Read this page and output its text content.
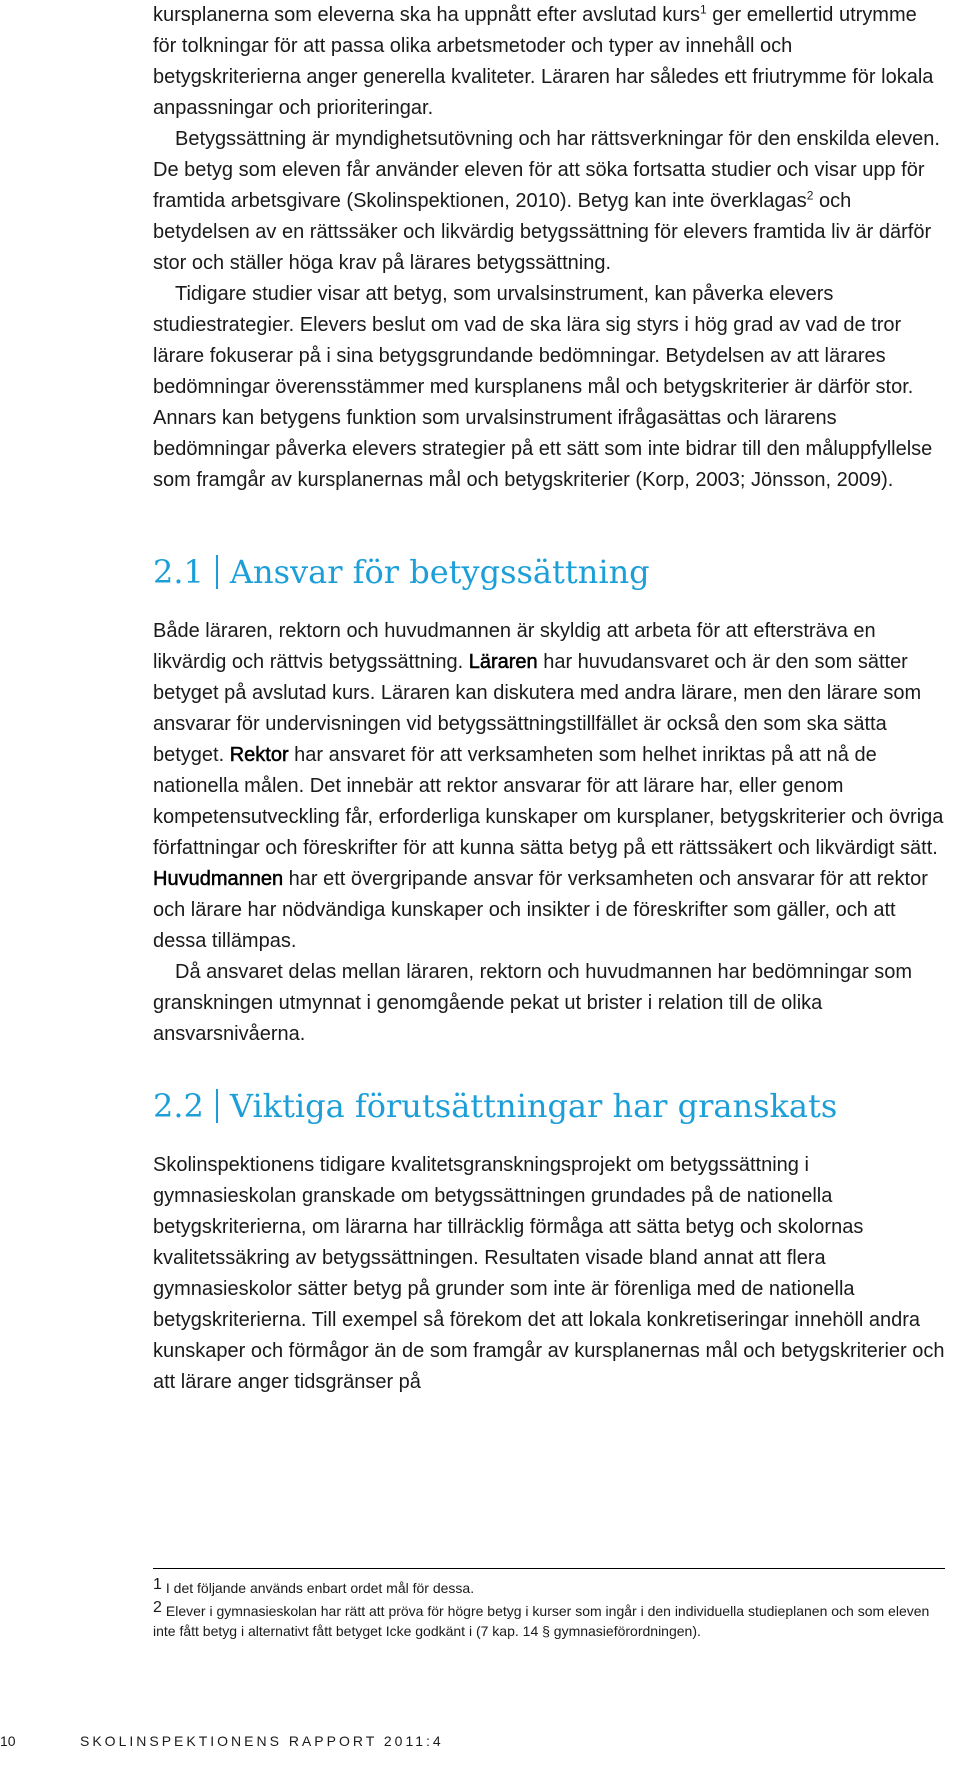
kursplanerna som eleverna ska ha uppnått efter avslutad kurs$^1$ ger emellertid utrymme för tolkningar för att passa olika arbetsmetoder och typer av innehåll och betygskriterierna anger generella kvaliteter. Läraren har således ett friutrymme för lokala anpassningar och prioriteringar.

Betygssättning är myndighetsutövning och har rättsverkningar för den enskilda eleven. De betyg som eleven får använder eleven för att söka fortsatta studier och visar upp för framtida arbetsgivare (Skolinspektionen, 2010). Betyg kan inte överklagas$^2$ och betydelsen av en rättssäker och likvärdig betygssättning för elevers framtida liv är därför stor och ställer höga krav på lärares betygssättning.

Tidigare studier visar att betyg, som urvalsinstrument, kan påverka elevers studiestrategier. Elevers beslut om vad de ska lära sig styrs i hög grad av vad de tror lärare fokuserar på i sina betygsgrundande bedömningar. Betydelsen av att lärares bedömningar överensstämmer med kursplanens mål och betygskriterier är därför stor. Annars kan betygens funktion som urvalsinstrument ifrågasättas och lärarens bedömningar påverka elevers strategier på ett sätt som inte bidrar till den måluppfyllelse som framgår av kursplanernas mål och betygskriterier (Korp, 2003; Jönsson, 2009).

2.1 Ansvar för betygssättning

Både läraren, rektorn och huvudmannen är skyldig att arbeta för att eftersträva en likvärdig och rättvis betygssättning. Läraren har huvudansvaret och är den som sätter betyget på avslutad kurs. Läraren kan diskutera med andra lärare, men den lärare som ansvarar för undervisningen vid betygssättningstillfället är också den som ska sätta betyget. Rektor har ansvaret för att verksamheten som helhet inriktas på att nå de nationella målen. Det innebär att rektor ansvarar för att lärare har, eller genom kompetensutveckling får, erforderliga kunskaper om kursplaner, betygskriterier och övriga författningar och föreskrifter för att kunna sätta betyg på ett rättssäkert och likvärdigt sätt. Huvudmannen har ett övergripande ansvar för verksamheten och ansvarar för att rektor och lärare har nödvändiga kunskaper och insikter i de föreskrifter som gäller, och att dessa tillämpas.

Då ansvaret delas mellan läraren, rektorn och huvudmannen har bedömningar som granskningen utmynnat i genomgående pekat ut brister i relation till de olika ansvarsnivåerna.

2.2 Viktiga förutsättningar har granskats

Skolinspektionens tidigare kvalitetsgranskningsprojekt om betygssättning i gymnasieskolan granskade om betygssättningen grundades på de nationella betygskriterierna, om lärarna har tillräcklig förmåga att sätta betyg och skolornas kvalitetssäkring av betygssättningen. Resultaten visade bland annat att flera gymnasieskolor sätter betyg på grunder som inte är förenliga med de nationella betygskriterierna. Till exempel så förekom det att lokala konkretiseringar innehöll andra kunskaper och förmågor än de som framgår av kursplanernas mål och betygskriterier och att lärare anger tidsgränser på

1 I det följande används enbart ordet mål för dessa.

2 Elever i gymnasieskolan har rätt att pröva för högre betyg i kurser som ingår i den individuella studieplanen och som eleven inte fått betyg i alternativt fått betyget Icke godkänt i (7 kap. 14 § gymnasieförordningen).

10	SKOLINSPEKTIONENS RAPPORT 2011:4
